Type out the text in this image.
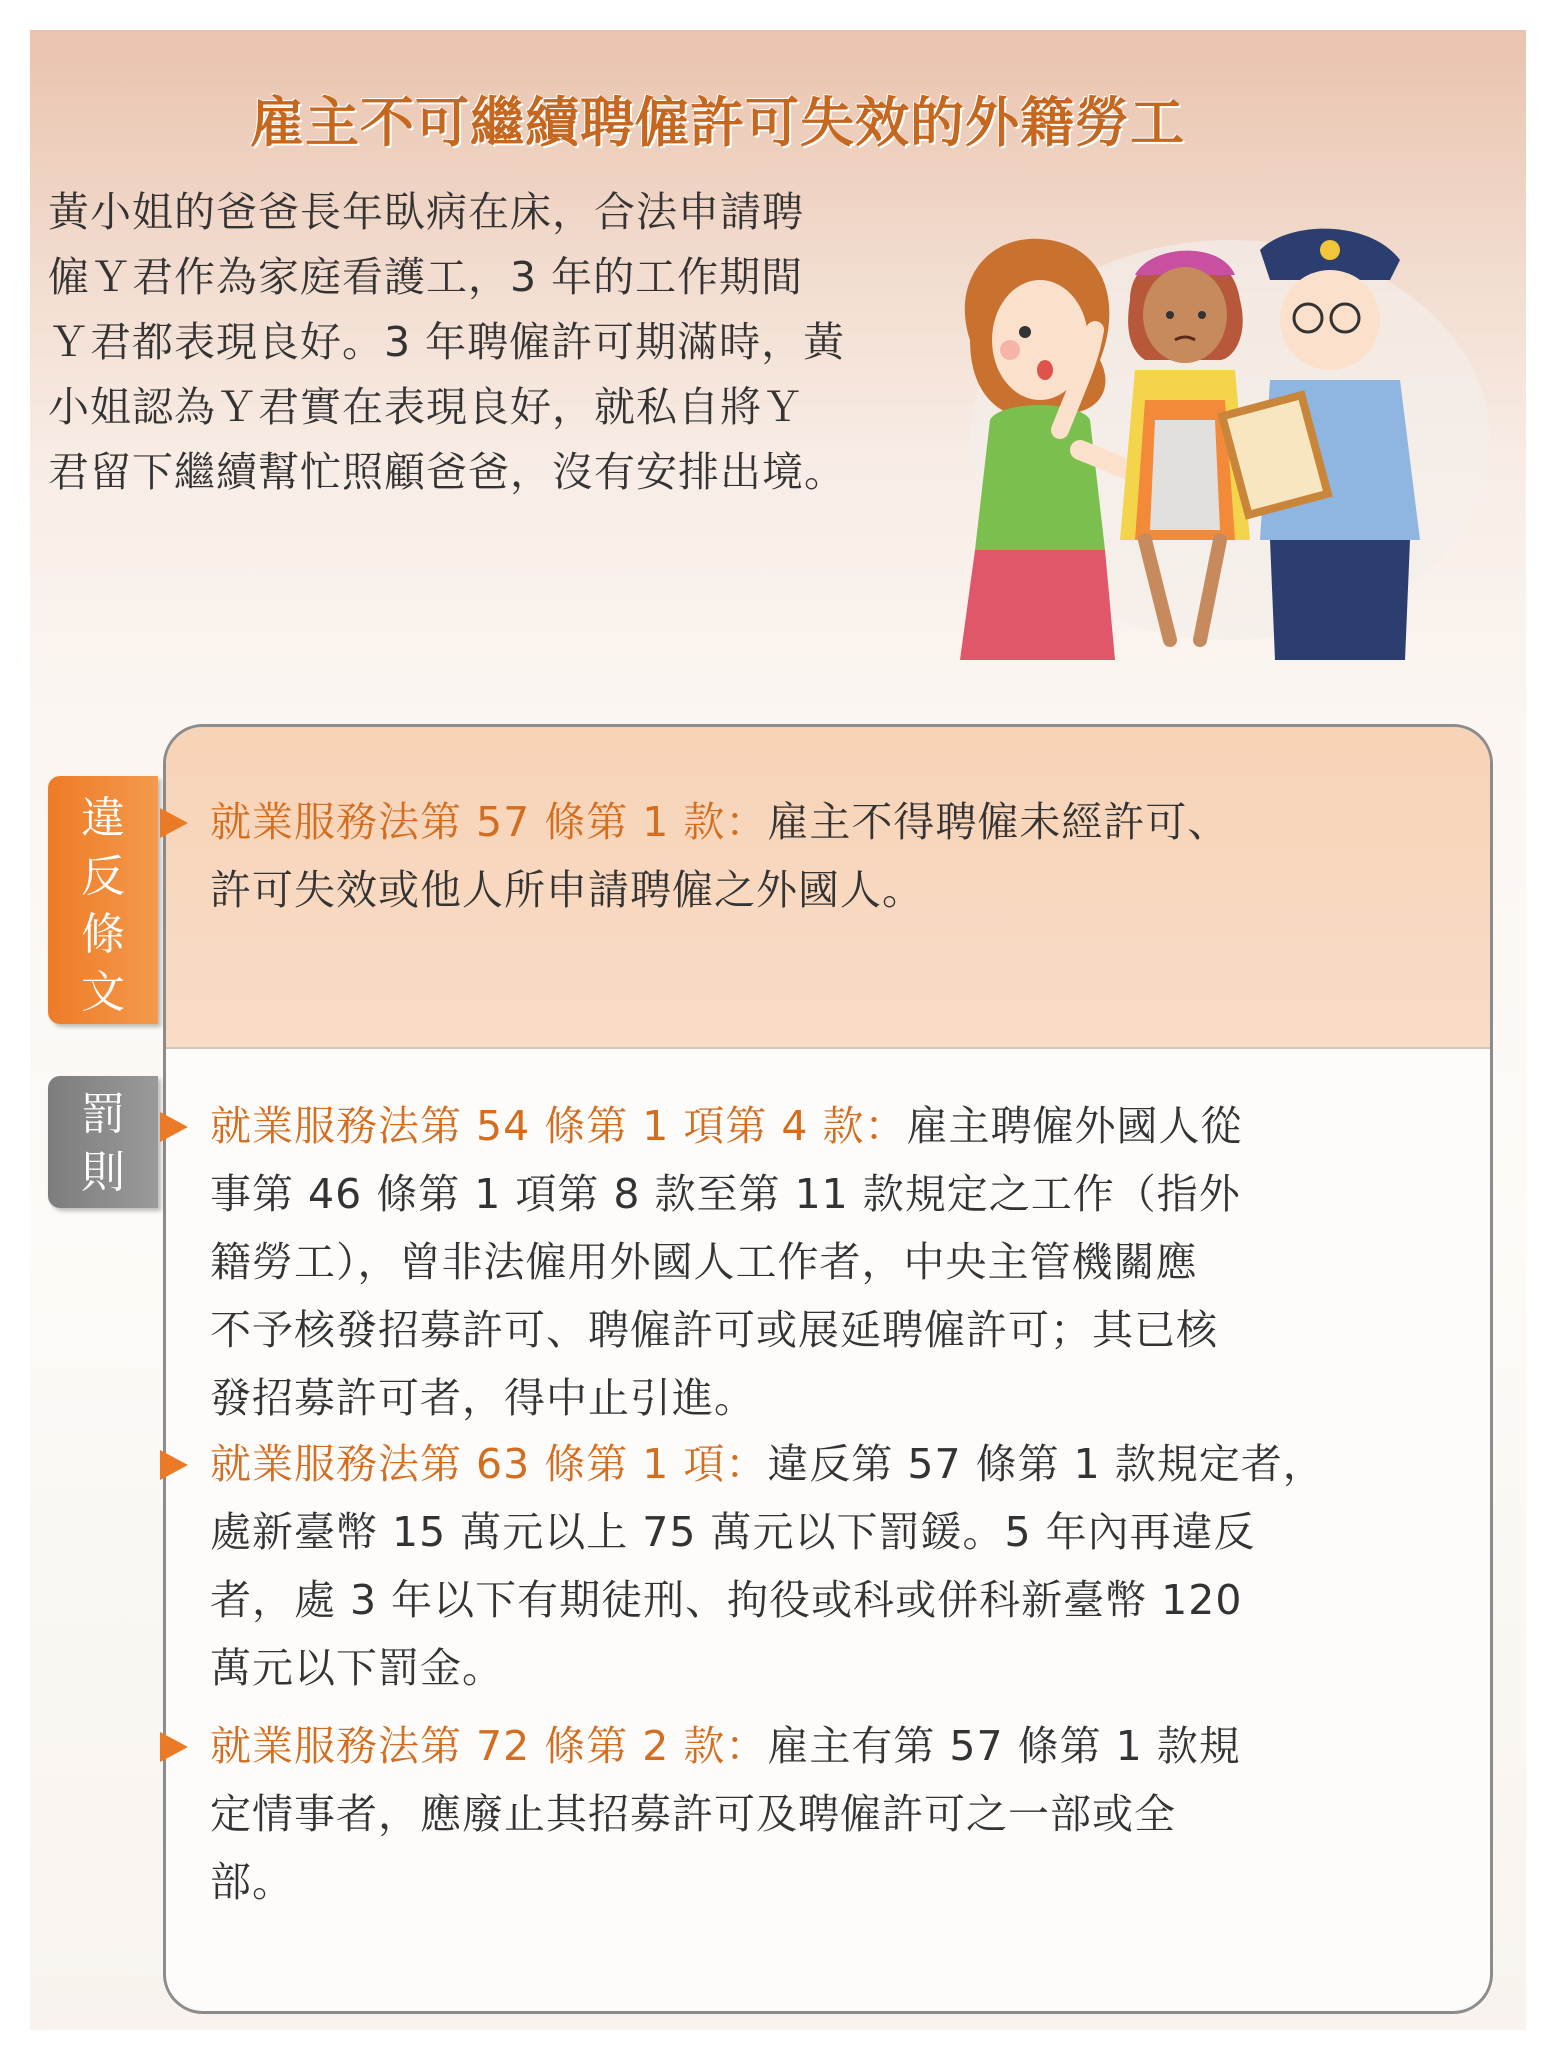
雇主不可繼續聘僱許可失效的外籍勞工
黃小姐的爸爸長年臥病在床，合法申請聘
僱Ｙ君作為家庭看護工，3 年的工作期間
Ｙ君都表現良好。3 年聘僱許可期滿時，黃
小姐認為Ｙ君實在表現良好，就私自將Ｙ
君留下繼續幫忙照顧爸爸，沒有安排出境。
違
反
條
文
罰
則
就業服務法第 57 條第 1 款：雇主不得聘僱未經許可、
許可失效或他人所申請聘僱之外國人。
就業服務法第 54 條第 1 項第 4 款：雇主聘僱外國人從
事第 46 條第 1 項第 8 款至第 11 款規定之工作（指外
籍勞工），曾非法僱用外國人工作者，中央主管機關應
不予核發招募許可、聘僱許可或展延聘僱許可；其已核
發招募許可者，得中止引進。
就業服務法第 63 條第 1 項：違反第 57 條第 1 款規定者，
處新臺幣 15 萬元以上 75 萬元以下罰鍰。5 年內再違反
者，處 3 年以下有期徒刑、拘役或科或併科新臺幣 120
萬元以下罰金。
就業服務法第 72 條第 2 款：雇主有第 57 條第 1 款規
定情事者，應廢止其招募許可及聘僱許可之一部或全
部。
